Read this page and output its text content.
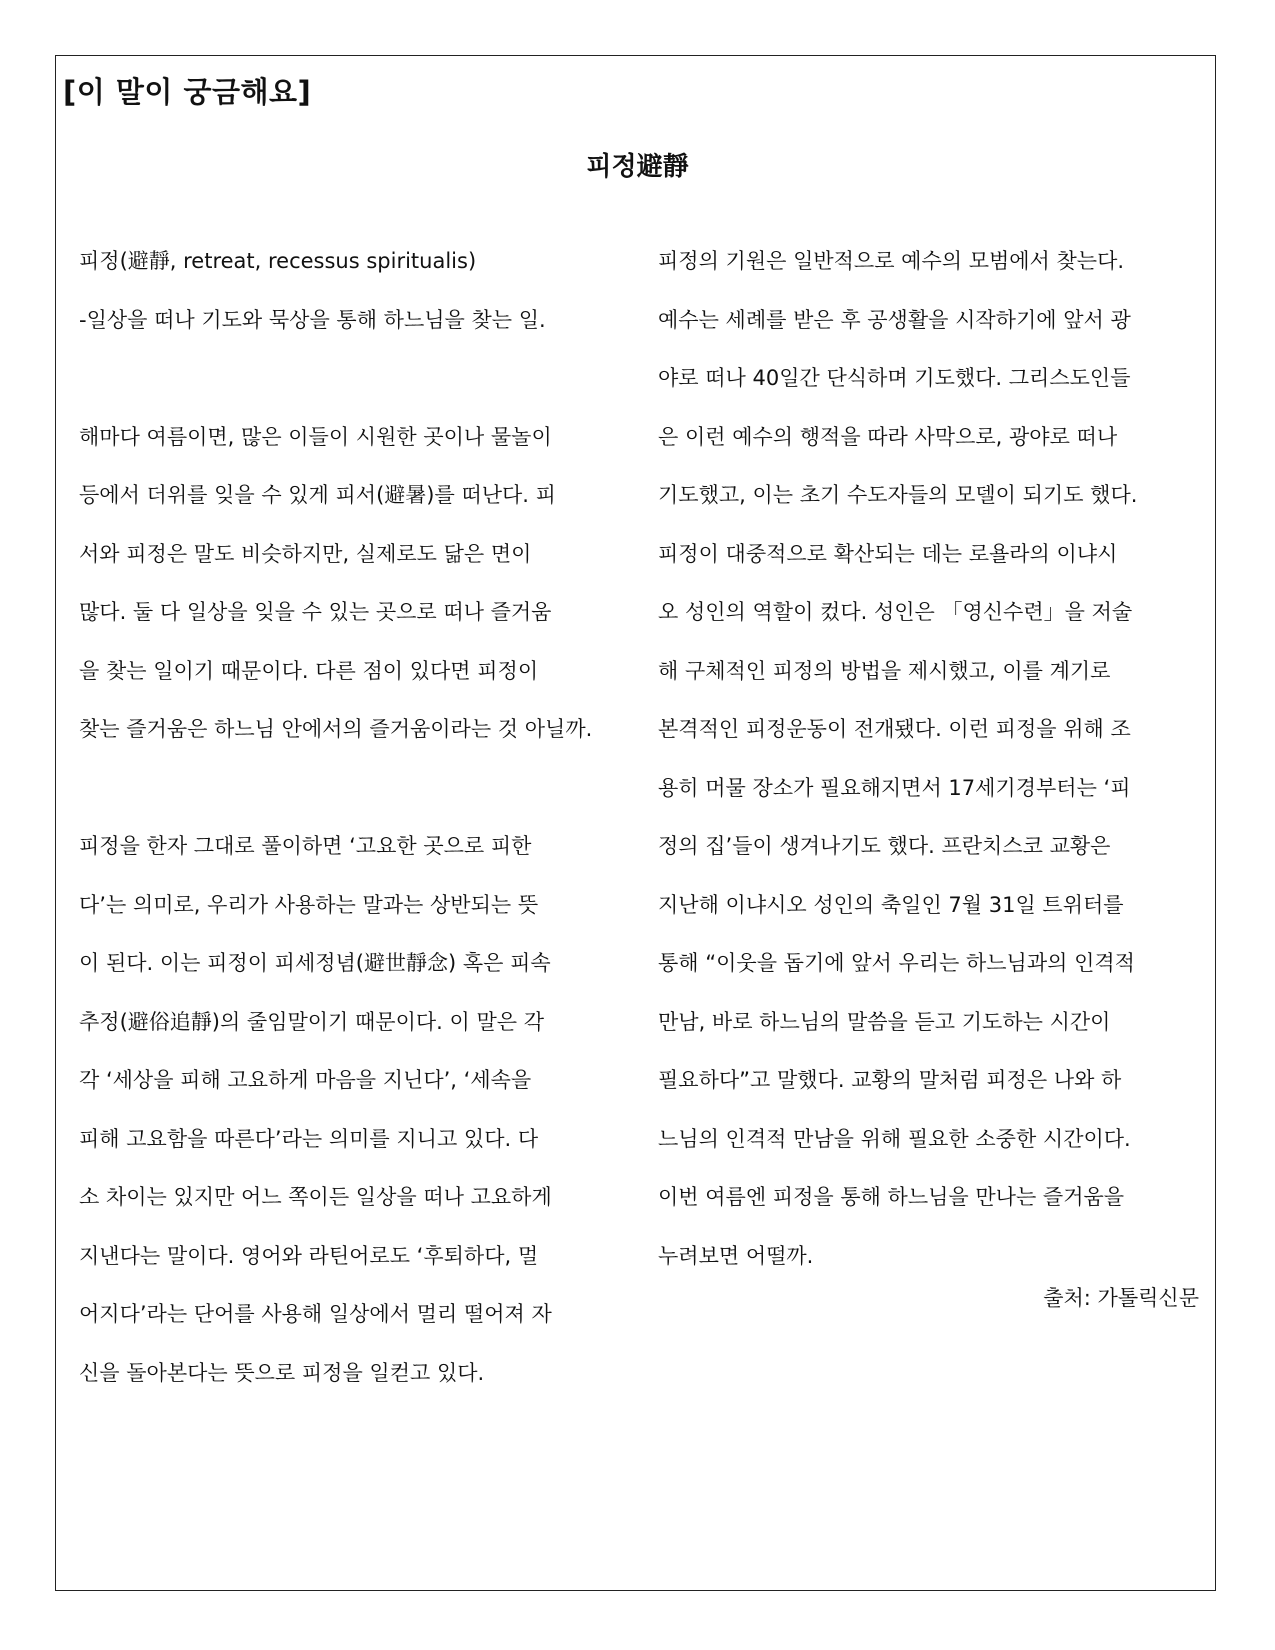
[이 말이 궁금해요]
피정避靜
피정(避靜, retreat, recessus spiritualis)
-일상을 떠나 기도와 묵상을 통해 하느님을 찾는 일.
해마다 여름이면, 많은 이들이 시원한 곳이나 물놀이
등에서 더위를 잊을 수 있게 피서(避暑)를 떠난다. 피
서와 피정은 말도 비슷하지만, 실제로도 닮은 면이
많다. 둘 다 일상을 잊을 수 있는 곳으로 떠나 즐거움
을 찾는 일이기 때문이다. 다른 점이 있다면 피정이
찾는 즐거움은 하느님 안에서의 즐거움이라는 것 아닐까.
피정을 한자 그대로 풀이하면 ‘고요한 곳으로 피한
다’는 의미로, 우리가 사용하는 말과는 상반되는 뜻
이 된다. 이는 피정이 피세정념(避世靜念) 혹은 피속
추정(避俗追靜)의 줄임말이기 때문이다. 이 말은 각
각 ‘세상을 피해 고요하게 마음을 지닌다’, ‘세속을
피해 고요함을 따른다’라는 의미를 지니고 있다. 다
소 차이는 있지만 어느 쪽이든 일상을 떠나 고요하게
지낸다는 말이다. 영어와 라틴어로도 ‘후퇴하다, 멀
어지다’라는 단어를 사용해 일상에서 멀리 떨어져 자
신을 돌아본다는 뜻으로 피정을 일컫고 있다.
피정의 기원은 일반적으로 예수의 모범에서 찾는다.
예수는 세례를 받은 후 공생활을 시작하기에 앞서 광
야로 떠나 40일간 단식하며 기도했다. 그리스도인들
은 이런 예수의 행적을 따라 사막으로, 광야로 떠나
기도했고, 이는 초기 수도자들의 모델이 되기도 했다.
피정이 대중적으로 확산되는 데는 로욜라의 이냐시
오 성인의 역할이 컸다. 성인은 「영신수련」을 저술
해 구체적인 피정의 방법을 제시했고, 이를 계기로
본격적인 피정운동이 전개됐다. 이런 피정을 위해 조
용히 머물 장소가 필요해지면서 17세기경부터는 ‘피
정의 집’들이 생겨나기도 했다. 프란치스코 교황은
지난해 이냐시오 성인의 축일인 7월 31일 트위터를
통해 “이웃을 돕기에 앞서 우리는 하느님과의 인격적
만남, 바로 하느님의 말씀을 듣고 기도하는 시간이
필요하다”고 말했다. 교황의 말처럼 피정은 나와 하
느님의 인격적 만남을 위해 필요한 소중한 시간이다.
이번 여름엔 피정을 통해 하느님을 만나는 즐거움을
누려보면 어떨까.
출처: 가톨릭신문
